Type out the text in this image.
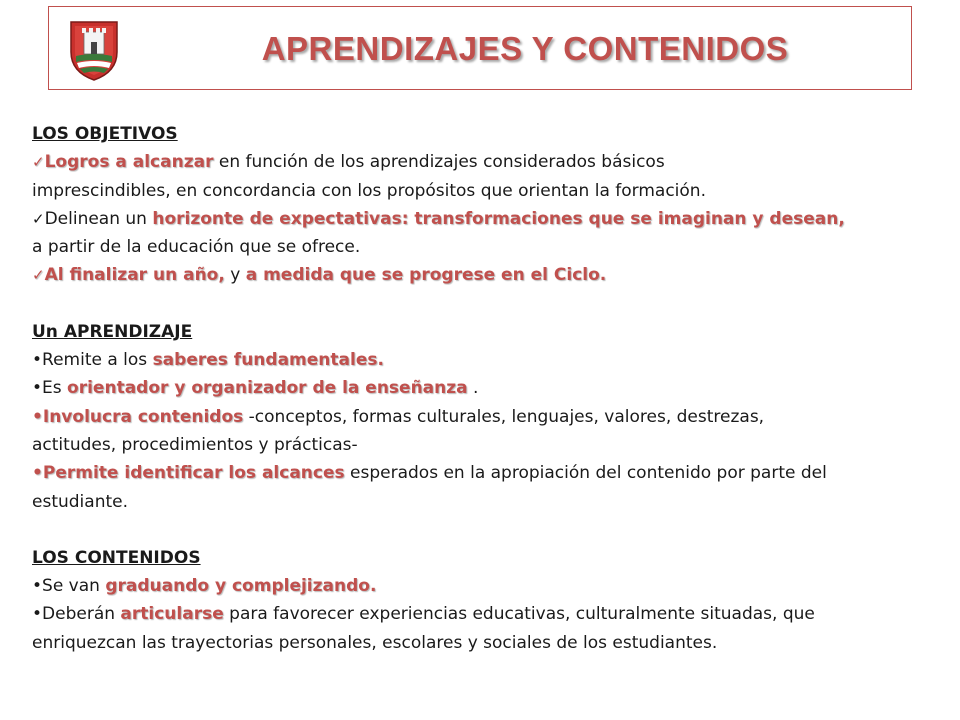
APRENDIZAJES Y CONTENIDOS
LOS OBJETIVOS
✓Logros a alcanzar en función de los aprendizajes considerados básicos
imprescindibles, en concordancia con los propósitos que orientan la formación.
✓Delinean un horizonte de expectativas: transformaciones que se imaginan y desean,
a partir de la educación que se ofrece.
✓Al finalizar un año, y a medida que se progrese en el Ciclo.
Un APRENDIZAJE
•Remite a los saberes fundamentales.
•Es orientador y organizador de la enseñanza .
•Involucra contenidos -conceptos, formas culturales, lenguajes, valores, destrezas,
actitudes, procedimientos y prácticas-
•Permite identificar los alcances esperados en la apropiación del contenido por parte del
estudiante.
LOS CONTENIDOS
•Se van graduando y complejizando.
•Deberán articularse para favorecer experiencias educativas, culturalmente situadas, que
enriquezcan las trayectorias personales, escolares y sociales de los estudiantes.
